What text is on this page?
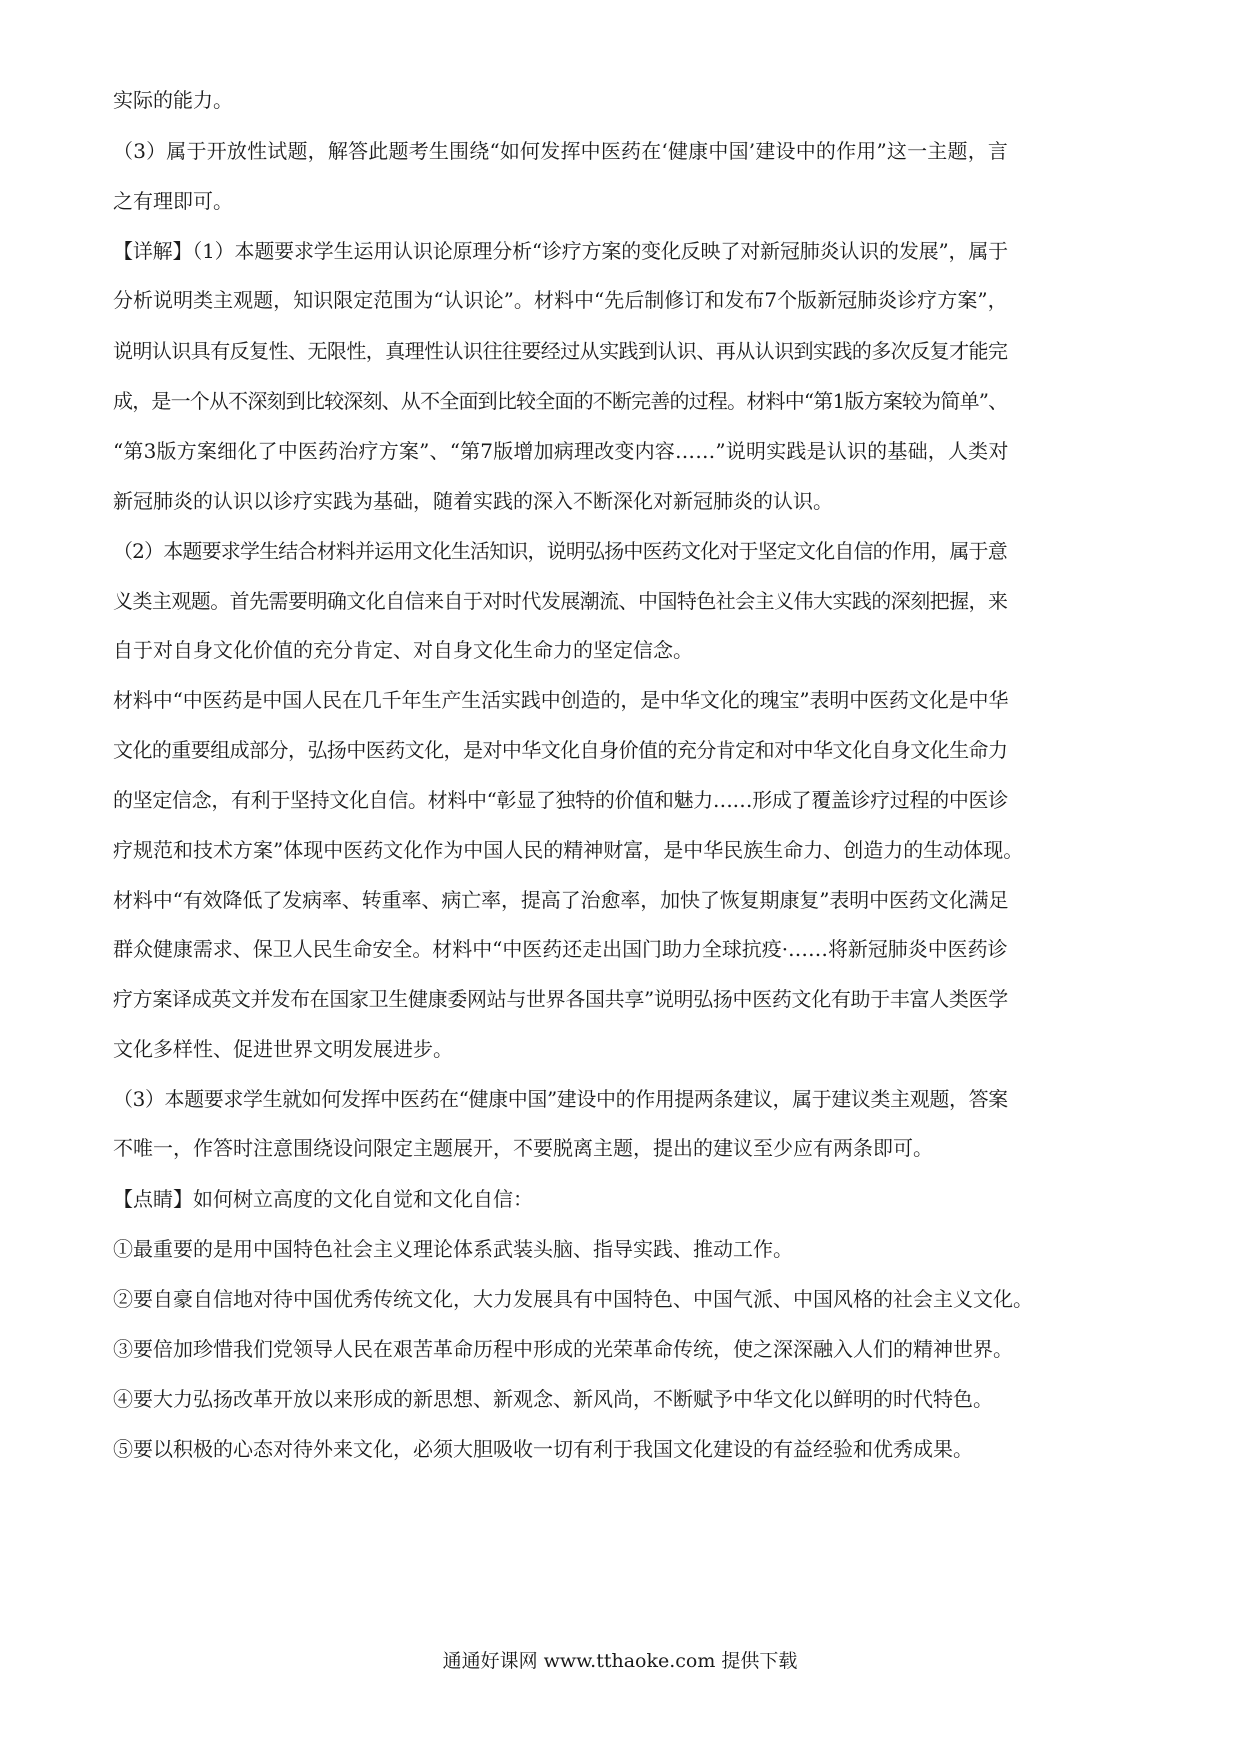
实际的能力。
（3）属于开放性试题，解答此题考生围绕“如何发挥中医药在‘健康中国’建设中的作用”这一主题，言
之有理即可。
【详解】（1）本题要求学生运用认识论原理分析“诊疗方案的变化反映了对新冠肺炎认识的发展”，属于
分析说明类主观题，知识限定范围为“认识论”。材料中“先后制修订和发布7个版新冠肺炎诊疗方案”，
说明认识具有反复性、无限性，真理性认识往往要经过从实践到认识、再从认识到实践的多次反复才能完
成，是一个从不深刻到比较深刻、从不全面到比较全面的不断完善的过程。材料中“第1版方案较为简单”、
“第3版方案细化了中医药治疗方案”、“第7版增加病理改变内容……”说明实践是认识的基础，人类对
新冠肺炎的认识以诊疗实践为基础，随着实践的深入不断深化对新冠肺炎的认识。
（2）本题要求学生结合材料并运用文化生活知识，说明弘扬中医药文化对于坚定文化自信的作用，属于意
义类主观题。首先需要明确文化自信来自于对时代发展潮流、中国特色社会主义伟大实践的深刻把握，来
自于对自身文化价值的充分肯定、对自身文化生命力的坚定信念。
材料中“中医药是中国人民在几千年生产生活实践中创造的，是中华文化的瑰宝”表明中医药文化是中华
文化的重要组成部分，弘扬中医药文化，是对中华文化自身价值的充分肯定和对中华文化自身文化生命力
的坚定信念，有利于坚持文化自信。材料中“彰显了独特的价值和魅力……形成了覆盖诊疗过程的中医诊
疗规范和技术方案”体现中医药文化作为中国人民的精神财富，是中华民族生命力、创造力的生动体现。
材料中“有效降低了发病率、转重率、病亡率，提高了治愈率，加快了恢复期康复”表明中医药文化满足
群众健康需求、保卫人民生命安全。材料中“中医药还走出国门助力全球抗疫·……将新冠肺炎中医药诊
疗方案译成英文并发布在国家卫生健康委网站与世界各国共享”说明弘扬中医药文化有助于丰富人类医学
文化多样性、促进世界文明发展进步。
（3）本题要求学生就如何发挥中医药在“健康中国”建设中的作用提两条建议，属于建议类主观题，答案
不唯一，作答时注意围绕设问限定主题展开，不要脱离主题，提出的建议至少应有两条即可。
【点睛】如何树立高度的文化自觉和文化自信：
①最重要的是用中国特色社会主义理论体系武装头脑、指导实践、推动工作。
②要自豪自信地对待中国优秀传统文化，大力发展具有中国特色、中国气派、中国风格的社会主义文化。
③要倍加珍惜我们党领导人民在艰苦革命历程中形成的光荣革命传统，使之深深融入人们的精神世界。
④要大力弘扬改革开放以来形成的新思想、新观念、新风尚，不断赋予中华文化以鲜明的时代特色。
⑤要以积极的心态对待外来文化，必须大胆吸收一切有利于我国文化建设的有益经验和优秀成果。
通通好课网 www.tthaoke.com 提供下载
